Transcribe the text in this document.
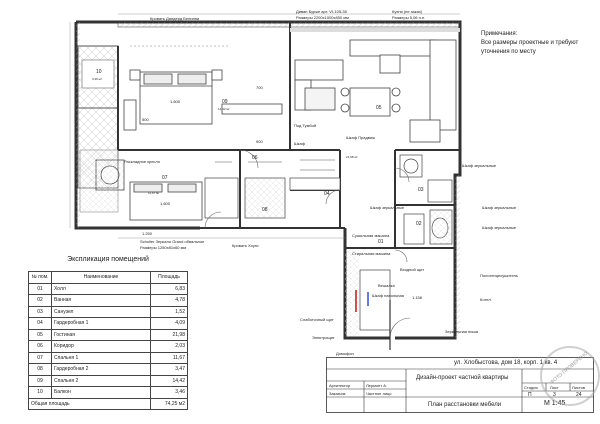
Кровать Дандерд Белинни
Диван Бурже арт. VI-105-35
Размеры 2200х1000х850 мм
Кухня (не заказ)
Размеры 5,06 п.п.
Раскладное кресло
Schuller Зеркало Grand обвальное
Размеры 1250х81х60 мм	Кровать Хоуги
Под Тумбой
Шкаф
Шкаф Прадвиж
Шкаф зеркальные	Шкаф зеркальные
Шкаф зеркальные
Шкаф зеркальные
Стиральная машина
Сушильная машина
Вешалка
Шкаф напольная
Полотенцесушитель
Котел
Зеркальная ниша
Домофон
Слаботочный щит
Электрощит
Входной щит
10
3,46 м²
09
14,42 м²
07
11,67 м²
08
06
05
21,98 м²
04
03
02
01
1.600
1.600
500
700
900
1.158
1.250
Примечания:
Все размеры проектные и требуют
уточнения по месту
Экспликация помещений
№ пом.	Наименование	Площадь
01	Холл	6,83
02	Ванная	4,78
03	Санузел	1,52
04	Гардеробная 1	4,09
05	Гостиная	21,98
06	Коридор	2,03
07	Спальня 1	11,67
08	Гардеробная 2	3,47
09	Спальня 2	14,42
10	Балкон	3,46
Общая площадь		74,25 м2
ул. Хлобыстова, дом 18, корп. 1 кв. 4
Дизайн-проект частной квартиры
План расстановки мебели
Архитектор	Лермонт А.
Заказчик	Частное лицо
Стадия	Лист	Листов
П	3	24
M 1:45
ФОТО ПРОВЕРЕНО
